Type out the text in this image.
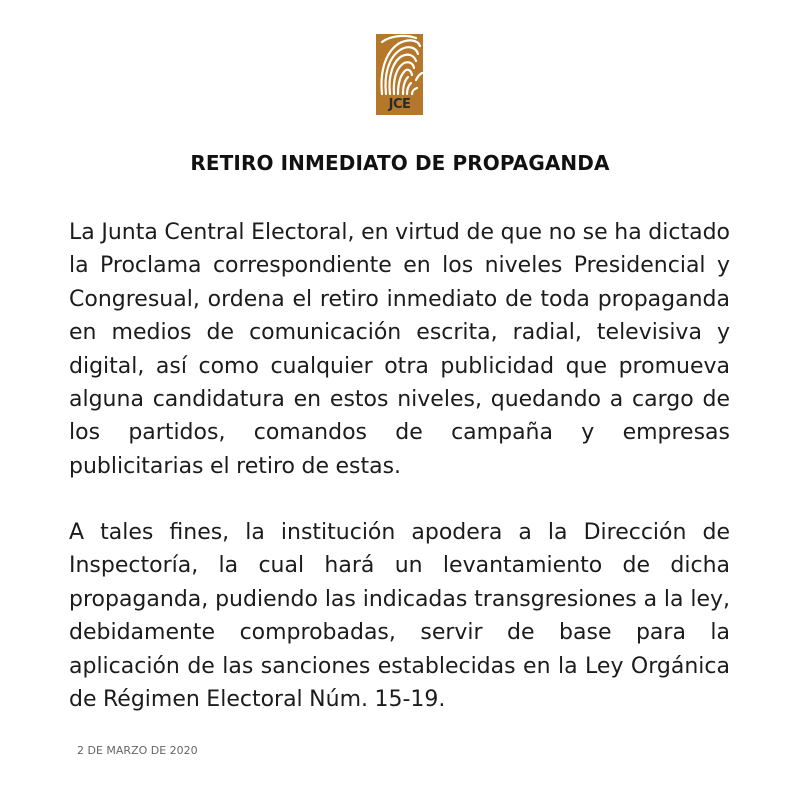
JCE
RETIRO INMEDIATO DE PROPAGANDA

La Junta Central Electoral, en virtud de que no se ha dictado la Proclama correspondiente en los niveles Presidencial y Congresual, ordena el retiro inmediato de toda propaganda en medios de comunicación escrita, radial, televisiva y digital, así como cualquier otra publicidad que promueva alguna candidatura en estos niveles, quedando a cargo de los partidos, comandos de campaña y empresas publicitarias el retiro de estas.

A tales fines, la institución apodera a la Dirección de Inspectoría, la cual hará un levantamiento de dicha propaganda, pudiendo las indicadas transgresiones a la ley, debidamente comprobadas, servir de base para la aplicación de las sanciones establecidas en la Ley Orgánica de Régimen Electoral Núm. 15-19.

2 DE MARZO DE 2020
